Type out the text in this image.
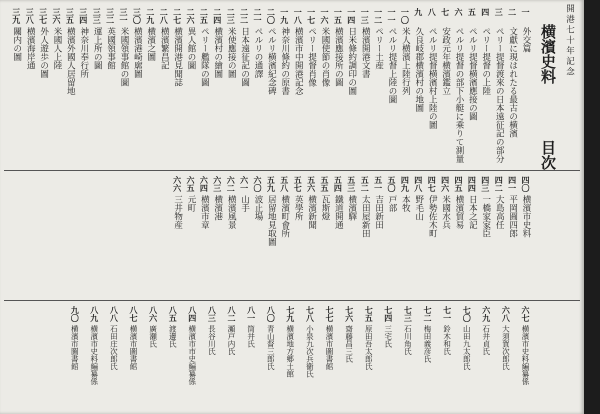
開港七十年記念
横濱史料
目次
一
外交篇
二
文獻に現はれたる最古の横濱
三
ペリー提督渡來の日本遠征記の部分
四
ペリー提督の上陸
五
ペルリ提督横濱應接の圖
六
ペルリ提督の部下小艇に乘りて測量
七
安政元年横濱鑑立
八
ペルリ提督横濱村上陸の圖
九
久良岐郡横濱村の地圖
一〇
米人横濱上陸行列
一一
ペルリ提督上陸の圖
一二
ペリー土産
一三
横濱開港文書
一四
日米條約調印の圖
一五
横濱應接所の圖
一六
米國使節の肖像
一七
ペリー提督肖像
一八
横濱市中開港記念
一九
神奈川條約の原書
二〇
ペルリ横濱紀念碑
二一
ペルリの通譯
二二
日本遠征記の圖
二三
米使應接の圖
二四
横濱村の繪圖
二五
ペリー艦隊の圖
二六
異人館の圖
二七
横濱開港見聞誌
二八
横濱繁昌記
二九
横濱之圖
三〇
横濱港崎廓圖
三一
米國領事館の圖
三二
英國領事館
三三
運上所の圖
三四
神奈川奉行所
三五
横濱外國人居留地
三六
米國人上陸
三七
外人遊歩の圖
三八
横濱海岸通
三九
關内の圖
四〇
横濱市史料
四一
平岡圓四郎
四二
大島高任
四三
一橋家家臣
四四
日本之記
四五
横濱貿易
四六
米國水兵
四七
伊勢佐木町
四八
野毛山
四九
本牧
五〇
戸部
五一
吉田新田
五二
太田屋新田
五三
横濱驛
五四
鐵道開通
五五
瓦斯燈
五六
横濱新聞
五七
英學所
五八
横濱町會所
五九
居留地見取圖
六〇
波止場
六一
山手
六二
横濱風景
六三
横濱港
六四
横濱市章
六五
元町
六六
三井物産
六七
横濱市史料編纂係
六八
大須賀次郎氏
六九
石井貞氏
七〇
山田九太郎氏
七一
鈴木和氏
七二
梅田義彦氏
七三
石川角氏
七四
三宅氏
七五
原田吾太郎氏
七六
齋藤昌三氏
七七
横濱市圖書館
七八
小泉九次兵衞氏
七九
横濱地方郷土館
八〇
青山督三郎氏
八一
筒井氏
八二
瀬戸内氏
八三
長谷川氏
八四
横濱市市史編纂係
八五
渡邊氏
八六
廣瀬氏
八七
横濱市圖書館
八八
石田庄次郎氏
八九
横濱市史料編纂係
九〇
横濱市圖書館
